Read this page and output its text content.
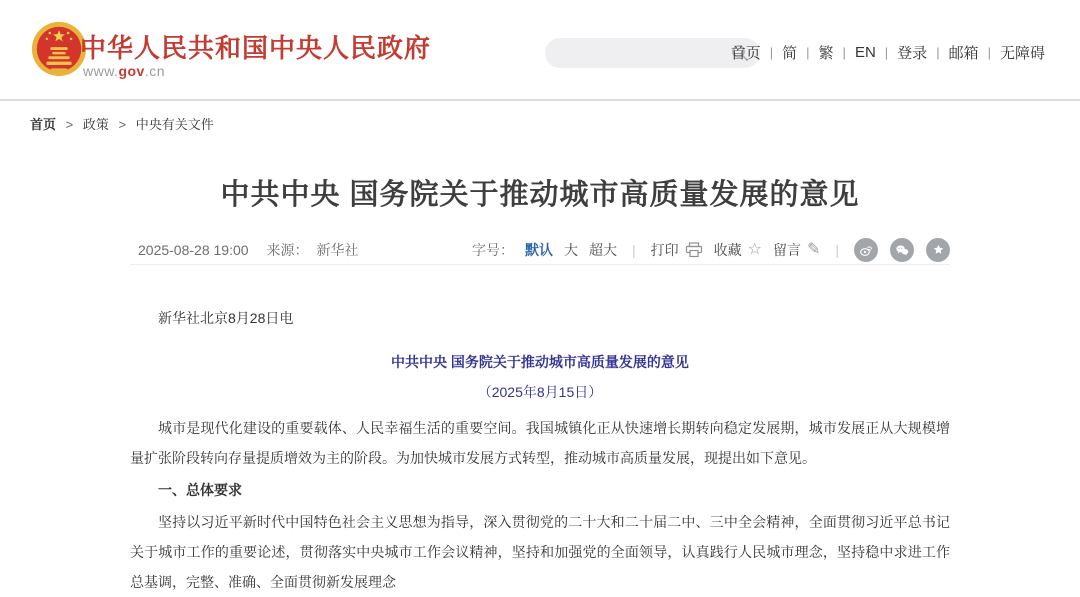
中华人民共和国中央人民政府
www.gov.cn
首页 | 简 | 繁 | EN | 登录 | 邮箱 | 无障碍
首页 > 政策 > 中央有关文件
中共中央 国务院关于推动城市高质量发展的意见
2025-08-28 19:00 来源： 新华社	字号： 默认 大 超大 | 打印	收藏 ☆ 留言 ✎ |

新华社北京8月28日电

中共中央 国务院关于推动城市高质量发展的意见

（2025年8月15日）

城市是现代化建设的重要载体、人民幸福生活的重要空间。我国城镇化正从快速增长期转向稳定发展期，城市发展正从大规模增量扩张阶段转向存量提质增效为主的阶段。为加快城市发展方式转型，推动城市高质量发展，现提出如下意见。

一、总体要求

坚持以习近平新时代中国特色社会主义思想为指导，深入贯彻党的二十大和二十届二中、三中全会精神，全面贯彻习近平总书记关于城市工作的重要论述，贯彻落实中央城市工作会议精神，坚持和加强党的全面领导，认真践行人民城市理念，坚持稳中求进工作总基调，完整、准确、全面贯彻新发展理念
